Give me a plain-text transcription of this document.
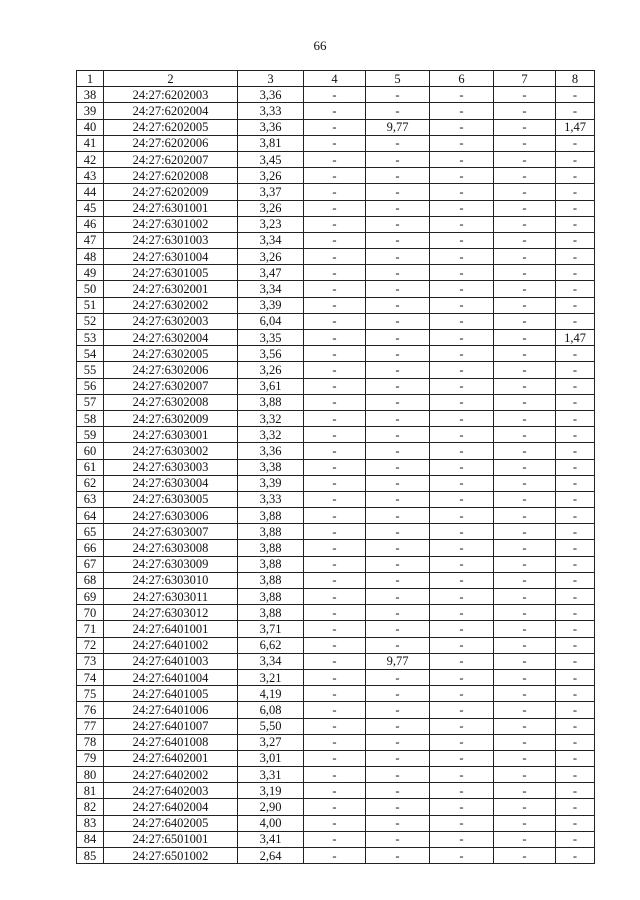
66
1	2	3	4	5	6	7	8
38	24:27:6202003	3,36	-	-	-	-	-
39	24:27:6202004	3,33	-	-	-	-	-
40	24:27:6202005	3,36	-	9,77	-	-	1,47
41	24:27:6202006	3,81	-	-	-	-	-
42	24:27:6202007	3,45	-	-	-	-	-
43	24:27:6202008	3,26	-	-	-	-	-
44	24:27:6202009	3,37	-	-	-	-	-
45	24:27:6301001	3,26	-	-	-	-	-
46	24:27:6301002	3,23	-	-	-	-	-
47	24:27:6301003	3,34	-	-	-	-	-
48	24:27:6301004	3,26	-	-	-	-	-
49	24:27:6301005	3,47	-	-	-	-	-
50	24:27:6302001	3,34	-	-	-	-	-
51	24:27:6302002	3,39	-	-	-	-	-
52	24:27:6302003	6,04	-	-	-	-	-
53	24:27:6302004	3,35	-	-	-	-	1,47
54	24:27:6302005	3,56	-	-	-	-	-
55	24:27:6302006	3,26	-	-	-	-	-
56	24:27:6302007	3,61	-	-	-	-	-
57	24:27:6302008	3,88	-	-	-	-	-
58	24:27:6302009	3,32	-	-	-	-	-
59	24:27:6303001	3,32	-	-	-	-	-
60	24:27:6303002	3,36	-	-	-	-	-
61	24:27:6303003	3,38	-	-	-	-	-
62	24:27:6303004	3,39	-	-	-	-	-
63	24:27:6303005	3,33	-	-	-	-	-
64	24:27:6303006	3,88	-	-	-	-	-
65	24:27:6303007	3,88	-	-	-	-	-
66	24:27:6303008	3,88	-	-	-	-	-
67	24:27:6303009	3,88	-	-	-	-	-
68	24:27:6303010	3,88	-	-	-	-	-
69	24:27:6303011	3,88	-	-	-	-	-
70	24:27:6303012	3,88	-	-	-	-	-
71	24:27:6401001	3,71	-	-	-	-	-
72	24:27:6401002	6,62	-	-	-	-	-
73	24:27:6401003	3,34	-	9,77	-	-	-
74	24:27:6401004	3,21	-	-	-	-	-
75	24:27:6401005	4,19	-	-	-	-	-
76	24:27:6401006	6,08	-	-	-	-	-
77	24:27:6401007	5,50	-	-	-	-	-
78	24:27:6401008	3,27	-	-	-	-	-
79	24:27:6402001	3,01	-	-	-	-	-
80	24:27:6402002	3,31	-	-	-	-	-
81	24:27:6402003	3,19	-	-	-	-	-
82	24:27:6402004	2,90	-	-	-	-	-
83	24:27:6402005	4,00	-	-	-	-	-
84	24:27:6501001	3,41	-	-	-	-	-
85	24:27:6501002	2,64	-	-	-	-	-
